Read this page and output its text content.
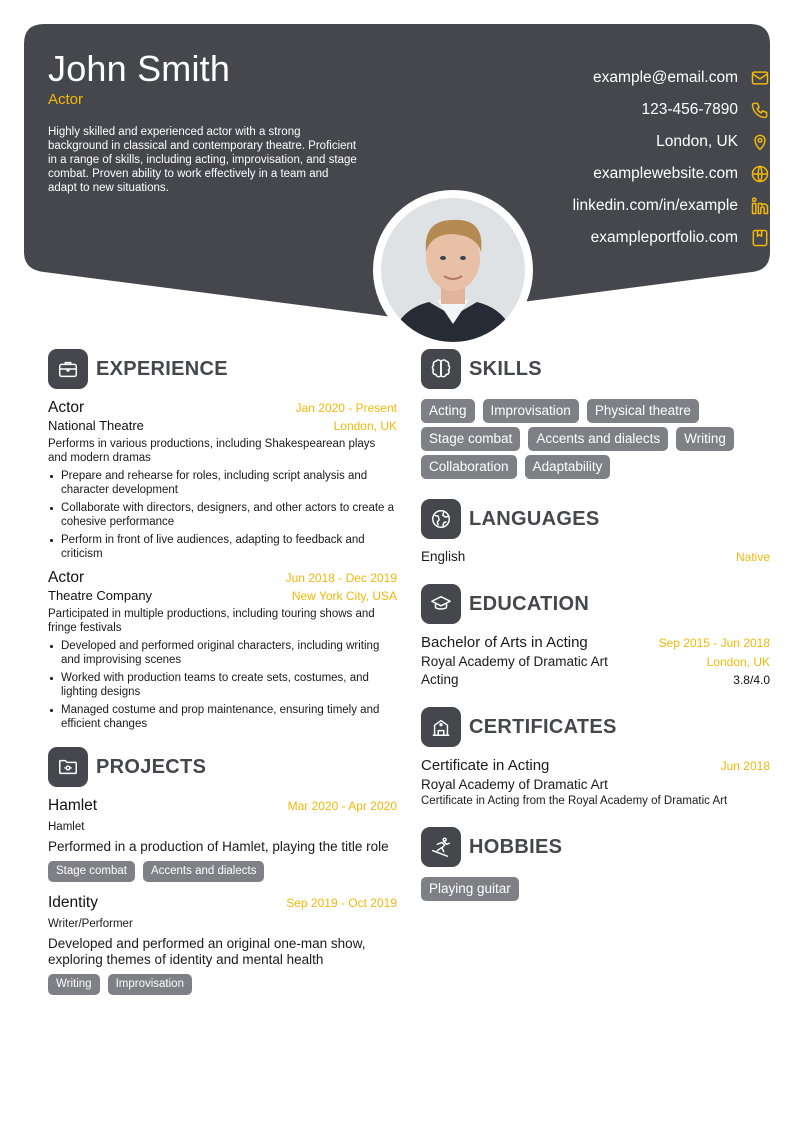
John Smith
Actor

Highly skilled and experienced actor with a strong background in classical and contemporary theatre. Proficient in a range of skills, including acting, improvisation, and stage combat. Proven ability to work effectively in a team and adapt to new situations.

example@email.com
123-456-7890
London, UK
examplewebsite.com
linkedin.com/in/example
exampleportfolio.com
EXPERIENCE
Actor	Jan 2020 - Present
National Theatre	London, UK

Performs in various productions, including Shakespearean plays and modern dramas

Prepare and rehearse for roles, including script analysis and character development
Collaborate with directors, designers, and other actors to create a cohesive performance
Perform in front of live audiences, adapting to feedback and criticism
Actor	Jun 2018 - Dec 2019
Theatre Company	New York City, USA

Participated in multiple productions, including touring shows and fringe festivals

Developed and performed original characters, including writing and improvising scenes
Worked with production teams to create sets, costumes, and lighting designs
Managed costume and prop maintenance, ensuring timely and efficient changes
PROJECTS
Hamlet	Mar 2020 - Apr 2020
Hamlet

Performed in a production of Hamlet, playing the title role

Stage combat	Accents and dialects
Identity	Sep 2019 - Oct 2019
Writer/Performer

Developed and performed an original one-man show, exploring themes of identity and mental health

Writing	Improvisation
SKILLS
Acting	Improvisation	Physical theatre
Stage combat	Accents and dialects	Writing
Collaboration	Adaptability
LANGUAGES
English	Native
EDUCATION
Bachelor of Arts in Acting	Sep 2015 - Jun 2018
Royal Academy of Dramatic Art	London, UK
Acting	3.8/4.0
CERTIFICATES
Certificate in Acting	Jun 2018
Royal Academy of Dramatic Art

Certificate in Acting from the Royal Academy of Dramatic Art

HOBBIES
Playing guitar
